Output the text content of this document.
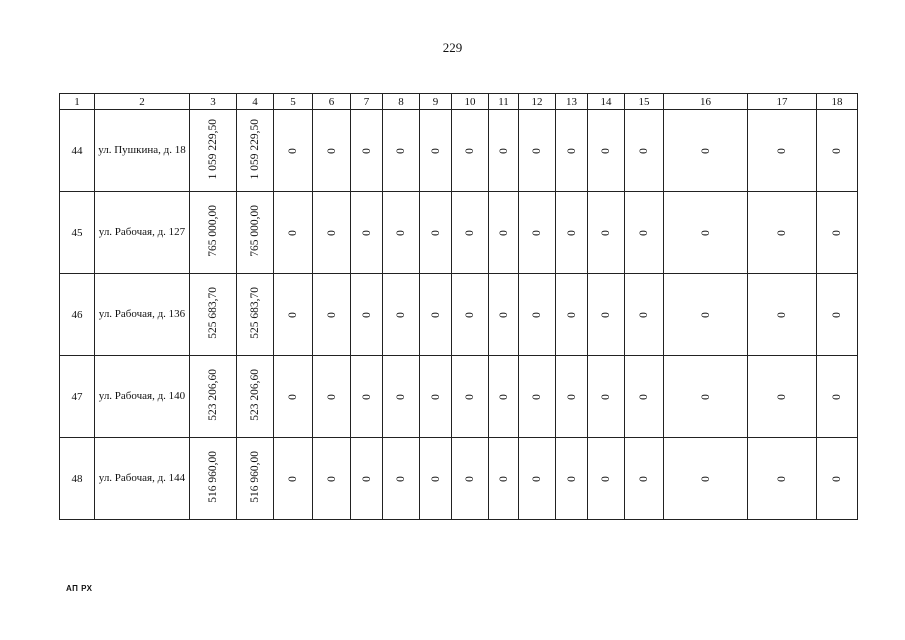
229
1	2	3	4	5	6	7	8	9	10	11	12	13	14	15	16	17	18
44	ул. Пушкина, д. 18	1 059 229,50	1 059 229,50	0	0	0	0	0	0	0	0	0	0	0	0	0	0
45	ул. Рабочая, д. 127	765 000,00	765 000,00	0	0	0	0	0	0	0	0	0	0	0	0	0	0
46	ул. Рабочая, д. 136	525 683,70	525 683,70	0	0	0	0	0	0	0	0	0	0	0	0	0	0
47	ул. Рабочая, д. 140	523 206,60	523 206,60	0	0	0	0	0	0	0	0	0	0	0	0	0	0
48	ул. Рабочая, д. 144	516 960,00	516 960,00	0	0	0	0	0	0	0	0	0	0	0	0	0	0
АП РХ
